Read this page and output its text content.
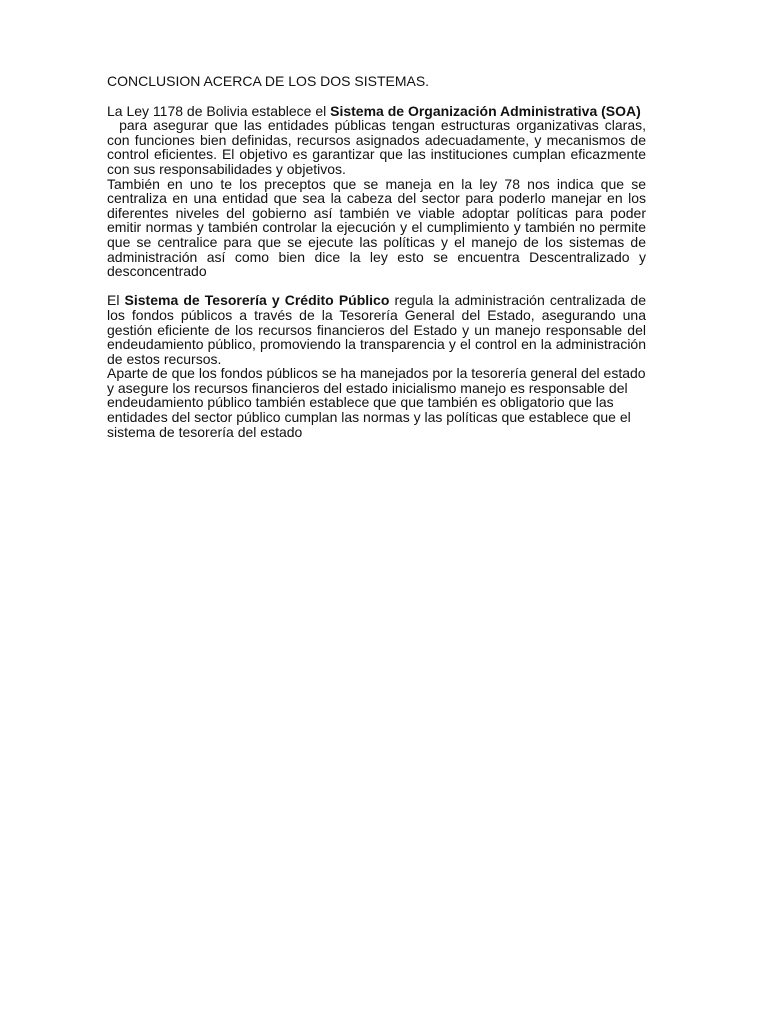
CONCLUSION ACERCA DE LOS DOS SISTEMAS.
La Ley 1178 de Bolivia establece el Sistema de Organización Administrativa (SOA)
para asegurar que las entidades públicas tengan estructuras organizativas claras, con funciones bien definidas, recursos asignados adecuadamente, y mecanismos de control eficientes. El objetivo es garantizar que las instituciones cumplan eficazmente con sus responsabilidades y objetivos.
También en uno te los preceptos que se maneja en la ley 78 nos indica que se centraliza en una entidad que sea la cabeza del sector para poderlo manejar en los diferentes niveles del gobierno así también ve viable adoptar políticas para poder emitir normas y también controlar la ejecución y el cumplimiento y también no permite que se centralice para que se ejecute las políticas y el manejo de los sistemas de administración así como bien dice la ley esto se encuentra Descentralizado y desconcentrado
El Sistema de Tesorería y Crédito Público regula la administración centralizada de los fondos públicos a través de la Tesorería General del Estado, asegurando una gestión eficiente de los recursos financieros del Estado y un manejo responsable del endeudamiento público, promoviendo la transparencia y el control en la administración de estos recursos.
Aparte de que los fondos públicos se ha manejados por la tesorería general del estado y asegure los recursos financieros del estado inicialismo manejo es responsable del endeudamiento público también establece que que también es obligatorio que las entidades del sector público cumplan las normas y las políticas que establece que el sistema de tesorería del estado
